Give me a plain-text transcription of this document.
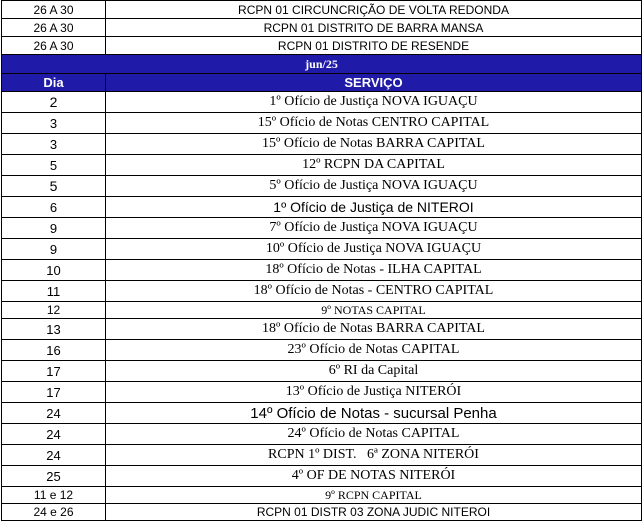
26 A 30	RCPN 01 CIRCUNCRIÇÃO DE VOLTA REDONDA
26 A 30	RCPN 01 DISTRITO DE BARRA MANSA
26 A 30	RCPN 01 DISTRITO DE RESENDE
jun/25	
Dia	SERVIÇO
2	1º Ofício de Justiça NOVA IGUAÇU
3	15º Ofício de Notas CENTRO CAPITAL
3	15º Ofício de Notas BARRA CAPITAL
5	12º RCPN DA CAPITAL
5	5º Ofício de Justiça NOVA IGUAÇU
6	1º Ofício de Justiça de NITEROI
9	7º Ofício de Justiça NOVA IGUAÇU
9	10º Ofício de Justiça NOVA IGUAÇU
10	18º Ofício de Notas - ILHA CAPITAL
11	18º Ofício de Notas - CENTRO CAPITAL
12	9º NOTAS CAPITAL
13	18º Ofício de Notas BARRA CAPITAL
16	23º Ofício de Notas CAPITAL
17	6º RI da Capital
17	13º Ofício de Justiça NITERÓI
24	14º Ofício de Notas - sucursal Penha
24	24º Ofício de Notas CAPITAL
24	RCPN 1º DIST.   6ª ZONA NITERÓI
25	4º OF DE NOTAS NITERÓI
11 e 12	9º RCPN CAPITAL
24 e 26	RCPN 01 DISTR 03 ZONA JUDIC NITEROI
